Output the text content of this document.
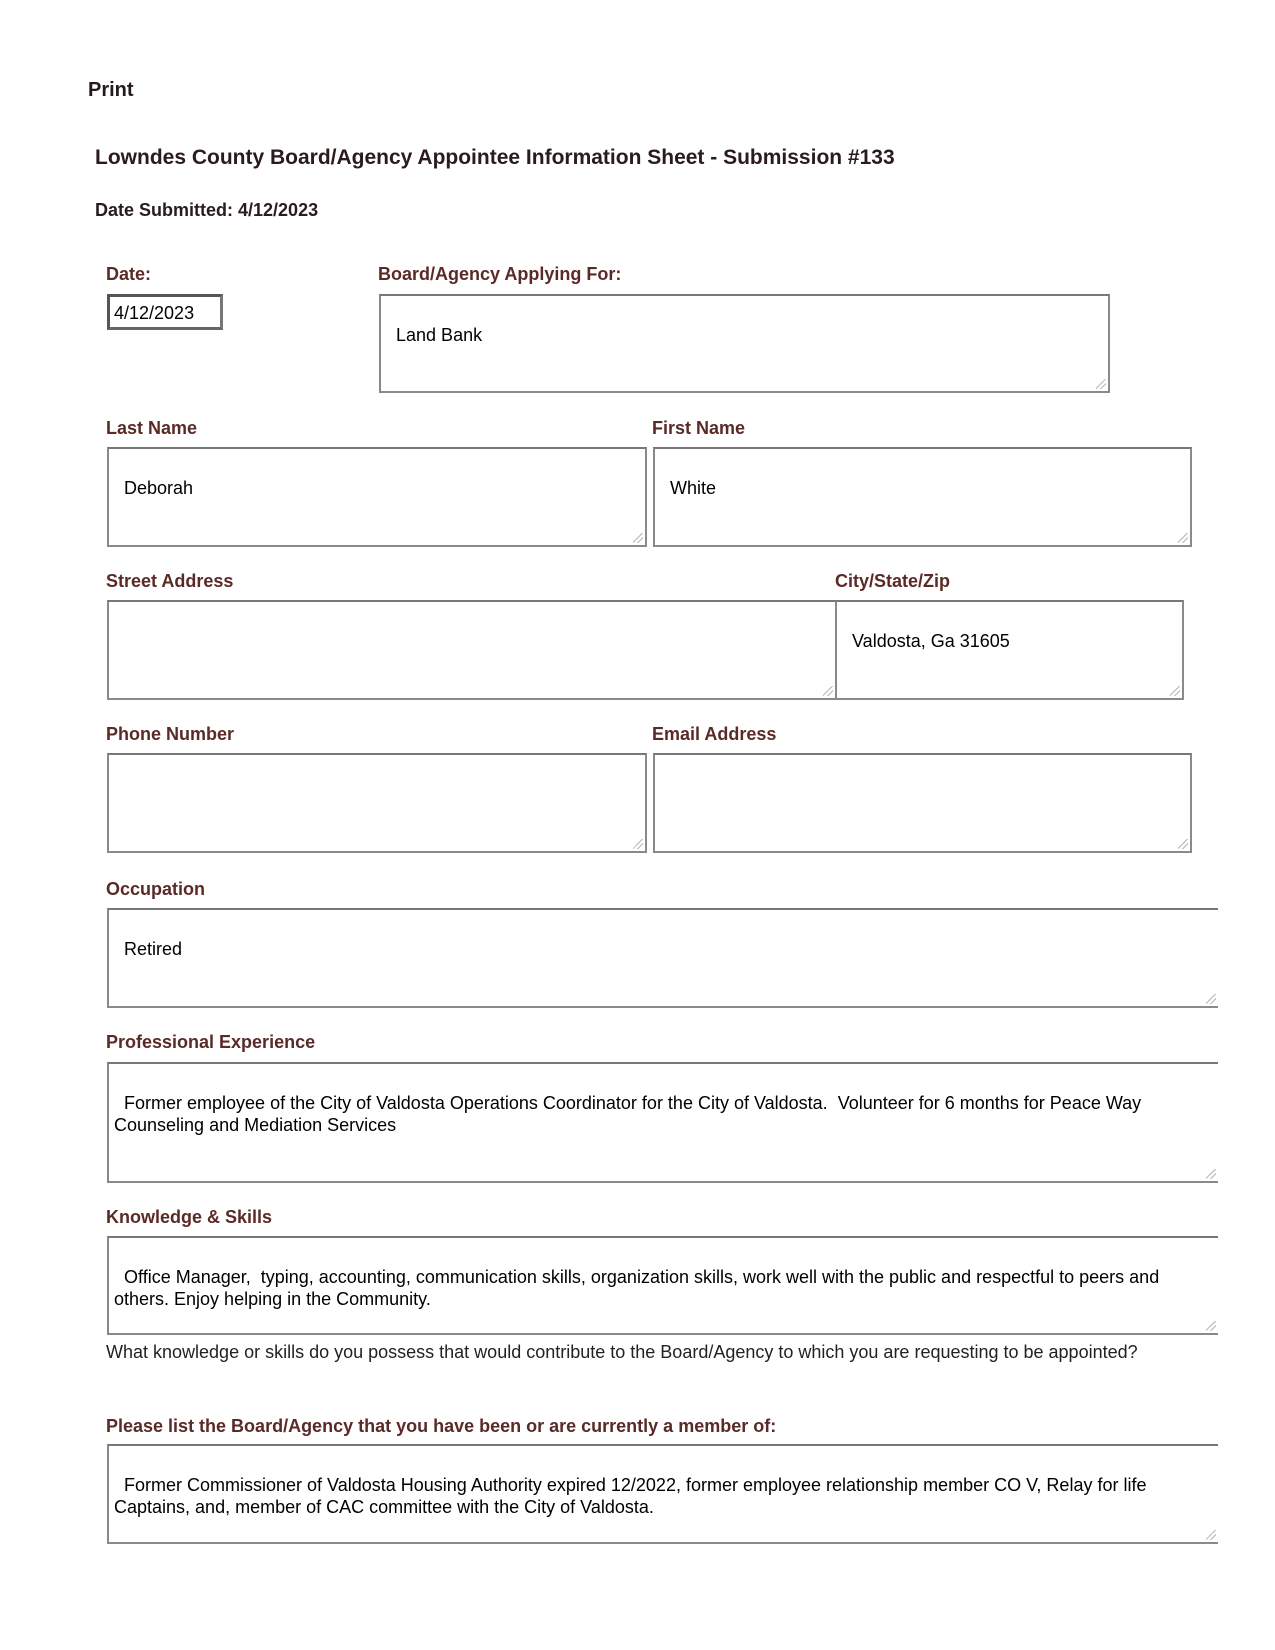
Print
Lowndes County Board/Agency Appointee Information Sheet - Submission #133
Date Submitted: 4/12/2023
Date:
4/12/2023
Board/Agency Applying For:

Land Bank

Last Name

Deborah

First Name

White

Street Address

	City/State/Zip

Valdosta, Ga 31605

Phone Number

	Email Address

Occupation

Retired

Professional Experience

Former employee of the City of Valdosta Operations Coordinator for the City of Valdosta.  Volunteer for 6 months for Peace Way Counseling and Mediation Services

Knowledge & Skills

Office Manager,  typing, accounting, communication skills, organization skills, work well with the public and respectful to peers and others. Enjoy helping in the Community.

What knowledge or skills do you possess that would contribute to the Board/Agency to which you are requesting to be appointed?
Please list the Board/Agency that you have been or are currently a member of:

Former Commissioner of Valdosta Housing Authority expired 12/2022, former employee relationship member CO V, Relay for life Captains, and, member of CAC committee with the City of Valdosta.
